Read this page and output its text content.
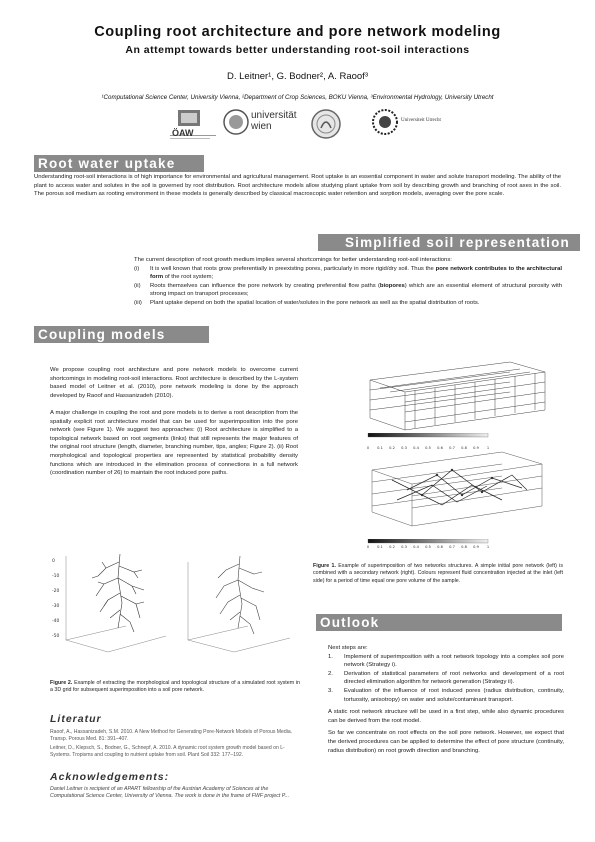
Coupling root architecture and pore network modeling
An attempt towards better understanding root-soil interactions
D. Leitner¹, G. Bodner², A. Raoof³
¹Computational Science Center, University Vienna, ²Department of Crop Sciences, BOKU Vienna, ³Environmental Hydrology, University Utrecht
ÖAW
universität wien
Universiteit Utrecht
Root water uptake
Understanding root-soil interactions is of high importance for environmental and agricultural management. Root uptake is an essential component in water and solute transport modeling. The ability of the plant to access water and solutes in the soil is governed by root distribution. Root architecture models allow studying plant uptake from soil by describing growth and branching of root axes in the soil. The porous soil medium as rooting environment in these models is generally described by classical macroscopic water retention and sorption models, averaging over the pore scale.
Simplified soil representation
The current description of root growth medium implies several shortcomings for better understanding root-soil interactions:
(i) It is well known that roots grow preferentially in preexisting pores, particularly in more rigid/dry soil. Thus the pore network contributes to the architectural form of the root system;
(ii) Roots themselves can influence the pore network by creating preferential flow paths (biopores) which are an essential element of structural porosity with strong impact on transport processes;
(iii) Plant uptake depend on both the spatial location of water/solutes in the pore network as well as the spatial distribution of roots.
Coupling models

We propose coupling root architecture and pore network models to overcome current shortcomings in modeling root-soil interactions. Root architecture is described by the L-system based model of Leitner et al. (2010), pore network modeling is done by the approach developed by Raoof and Hassanizadeh (2010).

A major challenge in coupling the root and pore models is to derive a root description from the spatially explicit root architecture model that can be used for superimposition into the pore network (see Figure 1). We suggest two approaches: (i) Root architecture is simplified to a topological network based on root segments (links) that still represents the major features of the original root structure (length, diameter, branching number, tips, angles; Figure 2). (ii) Root morphological and topological properties are represented by statistical probability density functions which are introduced in the elimination process of connections in a full network (coordination number of 26) to maintain the root induced pore paths.

0 0.1 0.2 0.3 0.4 0.5 0.6 0.7 0.8 0.9 1
0 0.1 0.2 0.3 0.4 0.5 0.6 0.7 0.8 0.9 1
Figure 1. Example of superimposition of two networks structures. A simple initial pore network (left) is combined with a secondary network (right). Colours represent fluid concentration injected at the inlet (left side) for a period of time equal one pore volume of the sample.
0
-10
-20
-30
-40
-50
Figure 2. Example of extracting the morphological and topological structure of a simulated root system in a 3D grid for subsequent superimposition into a soil pore network.
Outlook
Next steps are:
1. Implement of superimposition with a root network topology into a complex soil pore network (Strategy i).
2. Derivation of statistical parameters of root networks and development of a root directed elimination algorithm for network generation (Strategy ii).
3. Evaluation of the influence of root induced pores (radius distribution, continuity, tortuosity, anisotropy) on water and solute/contaminant transport.

A static root network structure will be used in a first step, while also dynamic procedures can be derived from the root model.

So far we concentrate on root effects on the soil pore network. However, we expect that the derived procedures can be applied to determine the effect of pore structure (continuity, radius distribution) on root growth direction and branching.

Literatur
Raoof, A., Hassanizadeh, S.M. 2010. A New Method for Generating Pore-Network Models of Porous Media. Transp. Porous Med. 81: 391–407.
Leitner, D., Klepsch, S., Bodner, G., Schnepf, A. 2010. A dynamic root system growth model based on L-Systems. Tropisms and coupling to nutrient uptake from soil. Plant Soil 332: 177–192.
Acknowledgements:
Daniel Leitner is recipient of an APART fellowship of the Austrian Academy of Sciences at the Computational Science Center, University of Vienna. The work is done in the frame of FWF project P...
